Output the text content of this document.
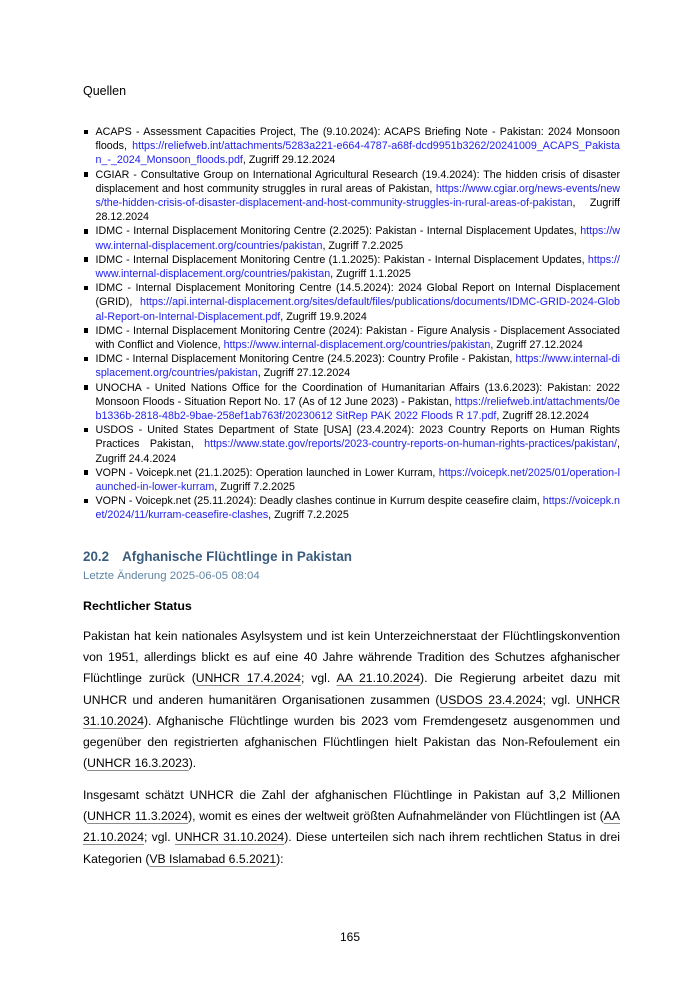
Quellen
ACAPS - Assessment Capacities Project, The (9.10.2024): ACAPS Briefing Note - Pakistan: 2024 Monsoon floods, https://reliefweb.int/attachments/5283a221-e664-4787-a68f-dcd9951b3262/20241009_ACAPS_Pakistan_-_2024_Monsoon_floods.pdf, Zugriff 29.12.2024
CGIAR - Consultative Group on International Agricultural Research (19.4.2024): The hidden crisis of disaster displacement and host community struggles in rural areas of Pakistan, https://www.cgiar.org/news-events/news/the-hidden-crisis-of-disaster-displacement-and-host-community-struggles-in-rural-areas-of-pakistan, Zugriff 28.12.2024
IDMC - Internal Displacement Monitoring Centre (2.2025): Pakistan - Internal Displacement Updates, https://www.internal-displacement.org/countries/pakistan, Zugriff 7.2.2025
IDMC - Internal Displacement Monitoring Centre (1.1.2025): Pakistan - Internal Displacement Updates, https://www.internal-displacement.org/countries/pakistan, Zugriff 1.1.2025
IDMC - Internal Displacement Monitoring Centre (14.5.2024): 2024 Global Report on Internal Displacement (GRID), https://api.internal-displacement.org/sites/default/files/publications/documents/IDMC-GRID-2024-Global-Report-on-Internal-Displacement.pdf, Zugriff 19.9.2024
IDMC - Internal Displacement Monitoring Centre (2024): Pakistan - Figure Analysis - Displacement Associated with Conflict and Violence, https://www.internal-displacement.org/countries/pakistan, Zugriff 27.12.2024
IDMC - Internal Displacement Monitoring Centre (24.5.2023): Country Profile - Pakistan, https://www.internal-displacement.org/countries/pakistan, Zugriff 27.12.2024
UNOCHA - United Nations Office for the Coordination of Humanitarian Affairs (13.6.2023): Pakistan: 2022 Monsoon Floods - Situation Report No. 17 (As of 12 June 2023) - Pakistan, https://reliefweb.int/attachments/0eb1336b-2818-48b2-9bae-258ef1ab763f/20230612 SitRep PAK 2022 Floods R 17.pdf, Zugriff 28.12.2024
USDOS - United States Department of State [USA] (23.4.2024): 2023 Country Reports on Human Rights Practices Pakistan, https://www.state.gov/reports/2023-country-reports-on-human-rights-practices/pakistan/, Zugriff 24.4.2024
VOPN - Voicepk.net (21.1.2025): Operation launched in Lower Kurram, https://voicepk.net/2025/01/operation-launched-in-lower-kurram, Zugriff 7.2.2025
VOPN - Voicepk.net (25.11.2024): Deadly clashes continue in Kurrum despite ceasefire claim, https://voicepk.net/2024/11/kurram-ceasefire-clashes, Zugriff 7.2.2025
20.2 Afghanische Flüchtlinge in Pakistan
Letzte Änderung 2025-06-05 08:04
Rechtlicher Status

Pakistan hat kein nationales Asylsystem und ist kein Unterzeichnerstaat der Flüchtlingskonvention von 1951, allerdings blickt es auf eine 40 Jahre währende Tradition des Schutzes afghanischer Flüchtlinge zurück (UNHCR 17.4.2024; vgl. AA 21.10.2024). Die Regierung arbeitet dazu mit UNHCR und anderen humanitären Organisationen zusammen (USDOS 23.4.2024; vgl. UNHCR 31.10.2024). Afghanische Flüchtlinge wurden bis 2023 vom Fremdengesetz ausgenommen und gegenüber den registrierten afghanischen Flüchtlingen hielt Pakistan das Non-Refoulement ein (UNHCR 16.3.2023).

Insgesamt schätzt UNHCR die Zahl der afghanischen Flüchtlinge in Pakistan auf 3,2 Millionen (UNHCR 11.3.2024), womit es eines der weltweit größten Aufnahmeländer von Flüchtlingen ist (AA 21.10.2024; vgl. UNHCR 31.10.2024). Diese unterteilen sich nach ihrem rechtlichen Status in drei Kategorien (VB Islamabad 6.5.2021):

165
